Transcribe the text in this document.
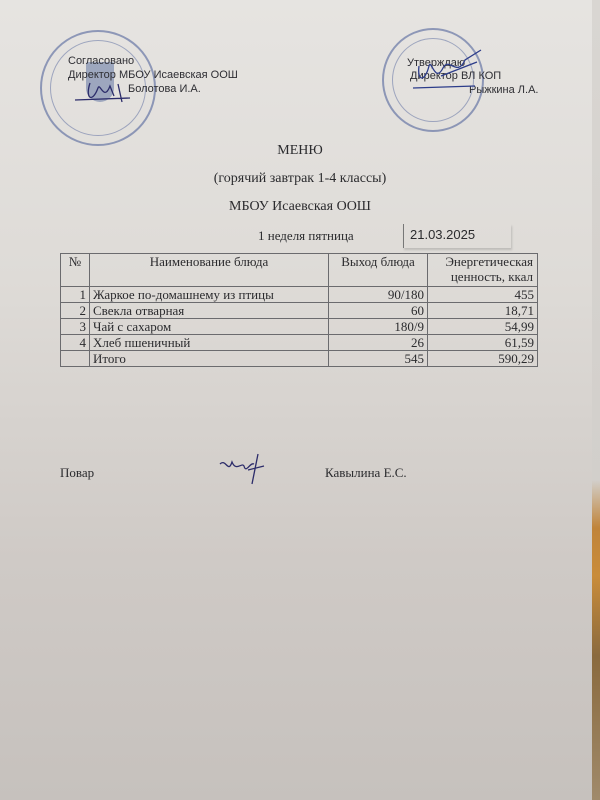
Согласовано
Директор МБОУ Исаевская ООШ
Болотова И.А.
Утверждаю
Директор ВЛ КОП
Рыжкина Л.А.
МЕНЮ
(горячий завтрак 1-4 классы)
МБОУ Исаевская ООШ
1 неделя пятница	21.03.2025
№	Наименование блюда	Выход блюда	Энергетическая ценность, ккал
1	Жаркое по-домашнему из птицы	90/180	455
2	Свекла отварная	60	18,71
3	Чай с сахаром	180/9	54,99
4	Хлеб пшеничный	26	61,59
	Итого	545	590,29
Повар	Кавылина Е.С.
